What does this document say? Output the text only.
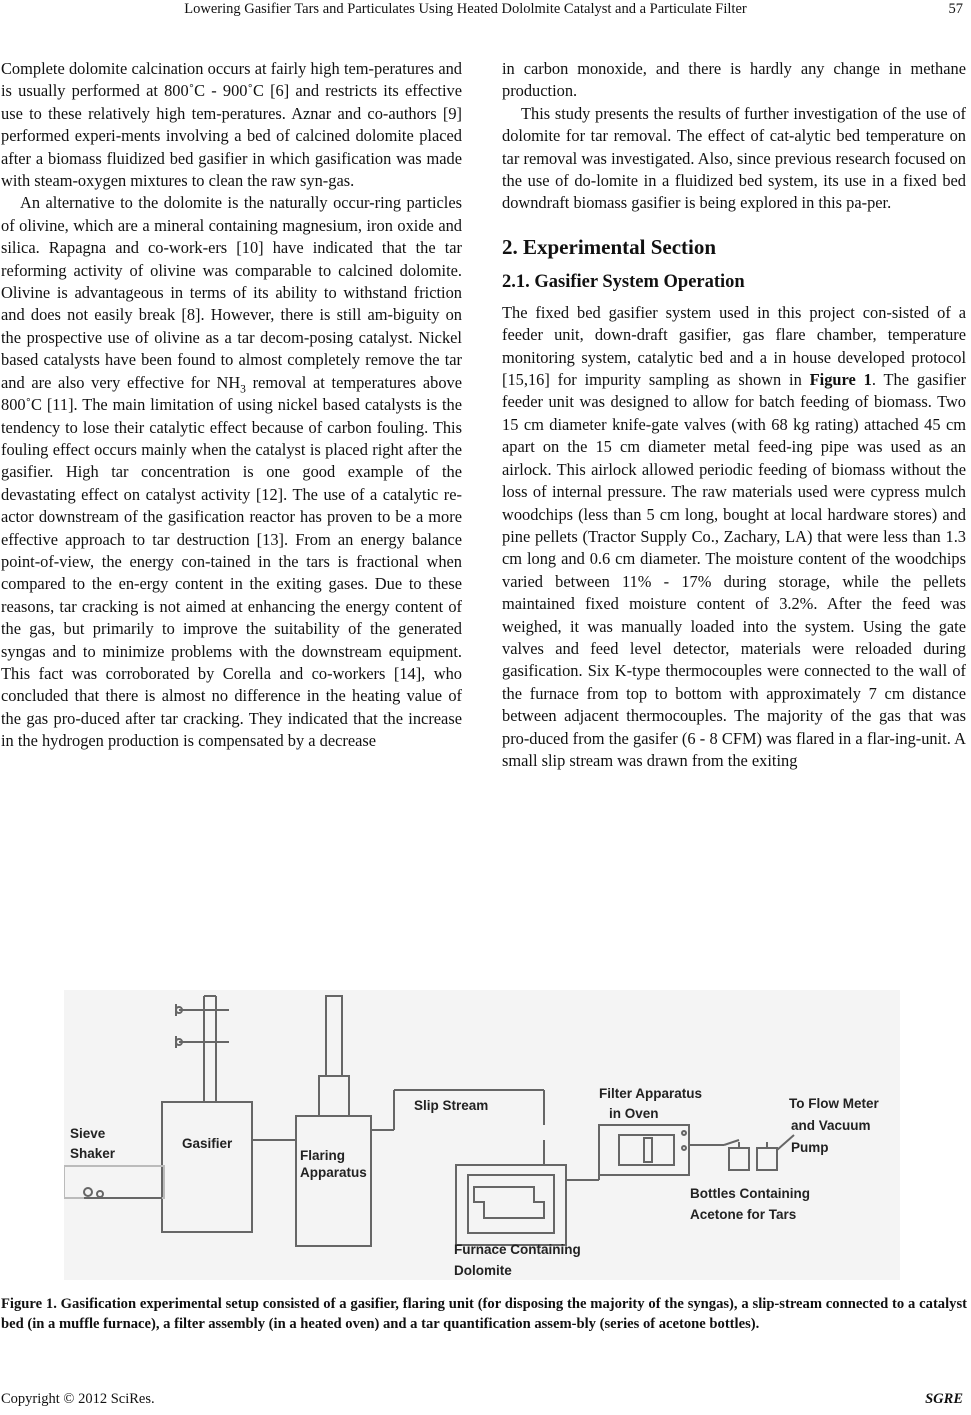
Lowering Gasifier Tars and Particulates Using Heated Dololmite Catalyst and a Particulate Filter	57

Complete dolomite calcination occurs at fairly high tem-peratures and is usually performed at 800˚C - 900˚C [6] and restricts its effective use to these relatively high tem-peratures. Aznar and co-authors [9] performed experi-ments involving a bed of calcined dolomite placed after a biomass fluidized bed gasifier in which gasification was made with steam-oxygen mixtures to clean the raw syn-gas.

An alternative to the dolomite is the naturally occur-ring particles of olivine, which are a mineral containing magnesium, iron oxide and silica. Rapagna and co-work-ers [10] have indicated that the tar reforming activity of olivine was comparable to calcined dolomite. Olivine is advantageous in terms of its ability to withstand friction and does not easily break [8]. However, there is still am-biguity on the prospective use of olivine as a tar decom-posing catalyst. Nickel based catalysts have been found to almost completely remove the tar and are also very effective for $NH_3$ removal at temperatures above 800˚C [11]. The main limitation of using nickel based catalysts is the tendency to lose their catalytic effect because of carbon fouling. This fouling effect occurs mainly when the catalyst is placed right after the gasifier. High tar concentration is one good example of the devastating effect on catalyst activity [12]. The use of a catalytic re-actor downstream of the gasification reactor has proven to be a more effective approach to tar destruction [13]. From an energy balance point-of-view, the energy con-tained in the tars is fractional when compared to the en-ergy content in the exiting gases. Due to these reasons, tar cracking is not aimed at enhancing the energy content of the gas, but primarily to improve the suitability of the generated syngas and to minimize problems with the downstream equipment. This fact was corroborated by Corella and co-workers [14], who concluded that there is almost no difference in the heating value of the gas pro-duced after tar cracking. They indicated that the increase in the hydrogen production is compensated by a decrease

in carbon monoxide, and there is hardly any change in methane production.

This study presents the results of further investigation of the use of dolomite for tar removal. The effect of cat-alytic bed temperature on tar removal was investigated. Also, since previous research focused on the use of do-lomite in a fluidized bed system, its use in a fixed bed downdraft biomass gasifier is being explored in this pa-per.

2. Experimental Section
2.1. Gasifier System Operation

The fixed bed gasifier system used in this project con-sisted of a feeder unit, down-draft gasifier, gas flare chamber, temperature monitoring system, catalytic bed and a in house developed protocol [15,16] for impurity sampling as shown in Figure 1. The gasifier feeder unit was designed to allow for batch feeding of biomass. Two 15 cm diameter knife-gate valves (with 68 kg rating) attached 45 cm apart on the 15 cm diameter metal feed-ing pipe was used as an airlock. This airlock allowed periodic feeding of biomass without the loss of internal pressure. The raw materials used were cypress mulch woodchips (less than 5 cm long, bought at local hardware stores) and pine pellets (Tractor Supply Co., Zachary, LA) that were less than 1.3 cm long and 0.6 cm diameter. The moisture content of the woodchips varied between 11% - 17% during storage, while the pellets maintained fixed moisture content of 3.2%. After the feed was weighed, it was manually loaded into the system. Using the gate valves and feed level detector, materials were reloaded during gasification. Six K-type thermocouples were connected to the wall of the furnace from top to bottom with approximately 7 cm distance between adjacent thermocouples. The majority of the gas that was pro-duced from the gasifer (6 - 8 CFM) was flared in a flar-ing-unit. A small slip stream was drawn from the exiting

Sieve
Shaker
Gasifier
Flaring
Apparatus
Slip Stream
Filter Apparatus
in Oven
To Flow Meter
and Vacuum
Pump
Bottles Containing
Acetone for Tars
Furnace Containing
Dolomite
Figure 1. Gasification experimental setup consisted of a gasifier, flaring unit (for disposing the majority of the syngas), a slip-stream connected to a catalyst bed (in a muffle furnace), a filter assembly (in a heated oven) and a tar quantification assem-bly (series of acetone bottles).
Copyright © 2012 SciRes.	SGRE
